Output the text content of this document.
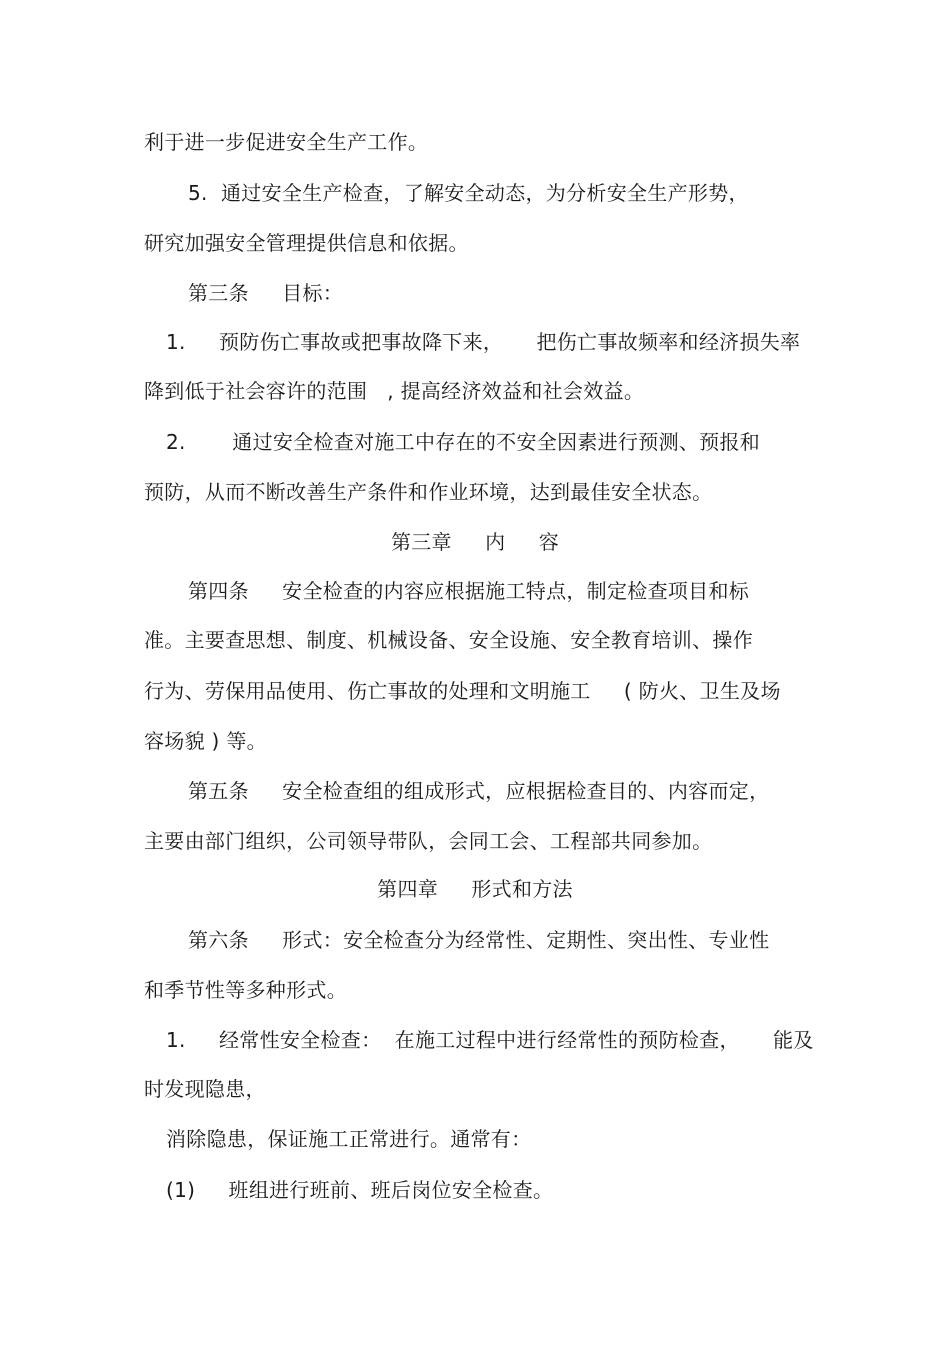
利于进一步促进安全生产工作。
5.  通过安全生产检查，了解安全动态，为分析安全生产形势，
研究加强安全管理提供信息和依据。
第三条     目标：
1.     预防伤亡事故或把事故降下来，     把伤亡事故频率和经济损失率
降到低于社会容许的范围   , 提高经济效益和社会效益。
2.       通过安全检查对施工中存在的不安全因素进行预测、预报和
预防，从而不断改善生产条件和作业环境，达到最佳安全状态。
第三章     内     容
第四条     安全检查的内容应根据施工特点，制定检查项目和标
准。主要查思想、制度、机械设备、安全设施、安全教育培训、操作
行为、劳保用品使用、伤亡事故的处理和文明施工     ( 防火、卫生及场
容场貌 ) 等。
第五条     安全检查组的组成形式，应根据检查目的、内容而定，
主要由部门组织，公司领导带队，会同工会、工程部共同参加。
第四章     形式和方法
第六条     形式：安全检查分为经常性、定期性、突出性、专业性
和季节性等多种形式。
1.     经常性安全检查：  在施工过程中进行经常性的预防检查，     能及
时发现隐患，
消除隐患，保证施工正常进行。通常有：
(1)     班组进行班前、班后岗位安全检查。
